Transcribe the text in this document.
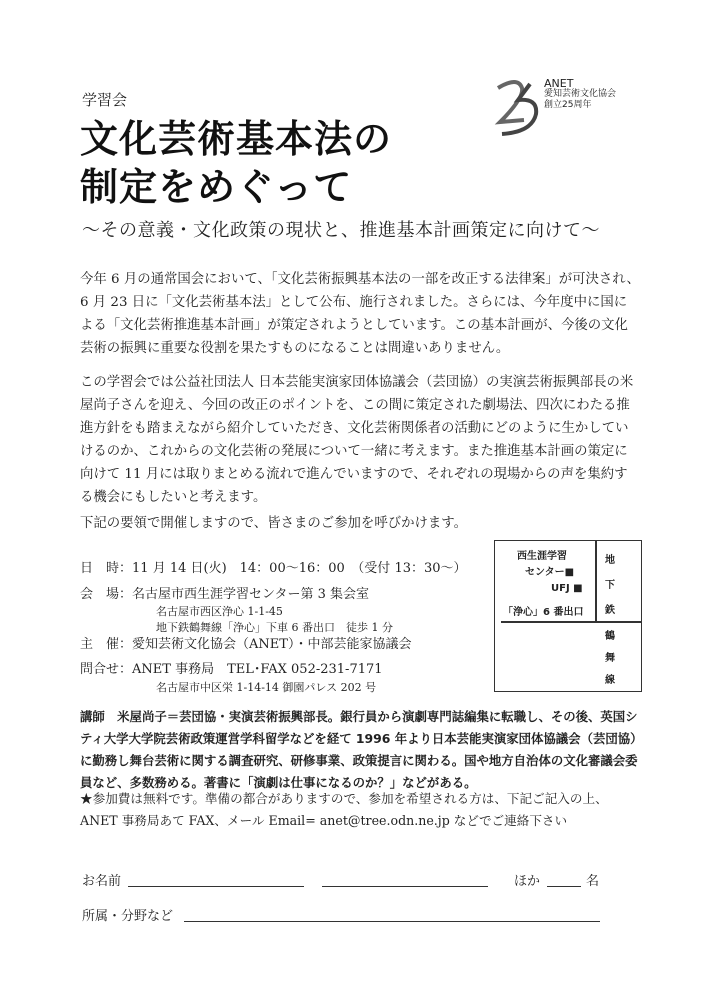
学習会
文化芸術基本法の
制定をめぐって
～その意義・文化政策の現状と、推進基本計画策定に向けて～
ANET
愛知芸術文化協会
創立25周年
今年 6 月の通常国会において、「文化芸術振興基本法の一部を改正する法律案」が可決され、6 月 23 日に「文化芸術基本法」として公布、施行されました。さらには、今年度中に国による「文化芸術推進基本計画」が策定されようとしています。この基本計画が、今後の文化芸術の振興に重要な役割を果たすものになることは間違いありません。
この学習会では公益社団法人 日本芸能実演家団体協議会（芸団協）の実演芸術振興部長の米屋尚子さんを迎え、今回の改正のポイントを、この間に策定された劇場法、四次にわたる推進方針をも踏まえながら紹介していただき、文化芸術関係者の活動にどのように生かしていけるのか、これからの文化芸術の発展について一緒に考えます。また推進基本計画の策定に向けて 11 月には取りまとめる流れで進んでいますので、それぞれの現場からの声を集約する機会にもしたいと考えます。
下記の要領で開催しますので、皆さまのご参加を呼びかけます。
日　時：11 月 14 日(火)　14：00～16：00　（受付 13：30～）
会　場：名古屋市西生涯学習センター第 3 集会室
名古屋市西区浄心 1-1-45
地下鉄鶴舞線「浄心」下車 6 番出口　徒歩 1 分
主　催：愛知芸術文化協会（ANET）・中部芸能家協議会
問合せ：ANET 事務局　TEL･FAX 052-231-7171
名古屋市中区栄 1-14-14 御園パレス 202 号
西生涯学習
センター■
UFJ ■
「浄心」6 番出口
地
下
鉄
鶴
舞
線
講師　米屋尚子＝芸団協・実演芸術振興部長。銀行員から演劇専門誌編集に転職し、その後、英国シティ大学大学院芸術政策運営学科留学などを経て 1996 年より日本芸能実演家団体協議会（芸団協）に勤務し舞台芸術に関する調査研究、研修事業、政策提言に関わる。国や地方自治体の文化審議会委員など、多数務める。著書に「演劇は仕事になるのか？」などがある。
★参加費は無料です。準備の都合がありますので、参加を希望される方は、下記ご記入の上、ANET 事務局あて FAX、メール Email= anet@tree.odn.ne.jp などでご連絡下さい
お名前	ほか	名
所属・分野など
